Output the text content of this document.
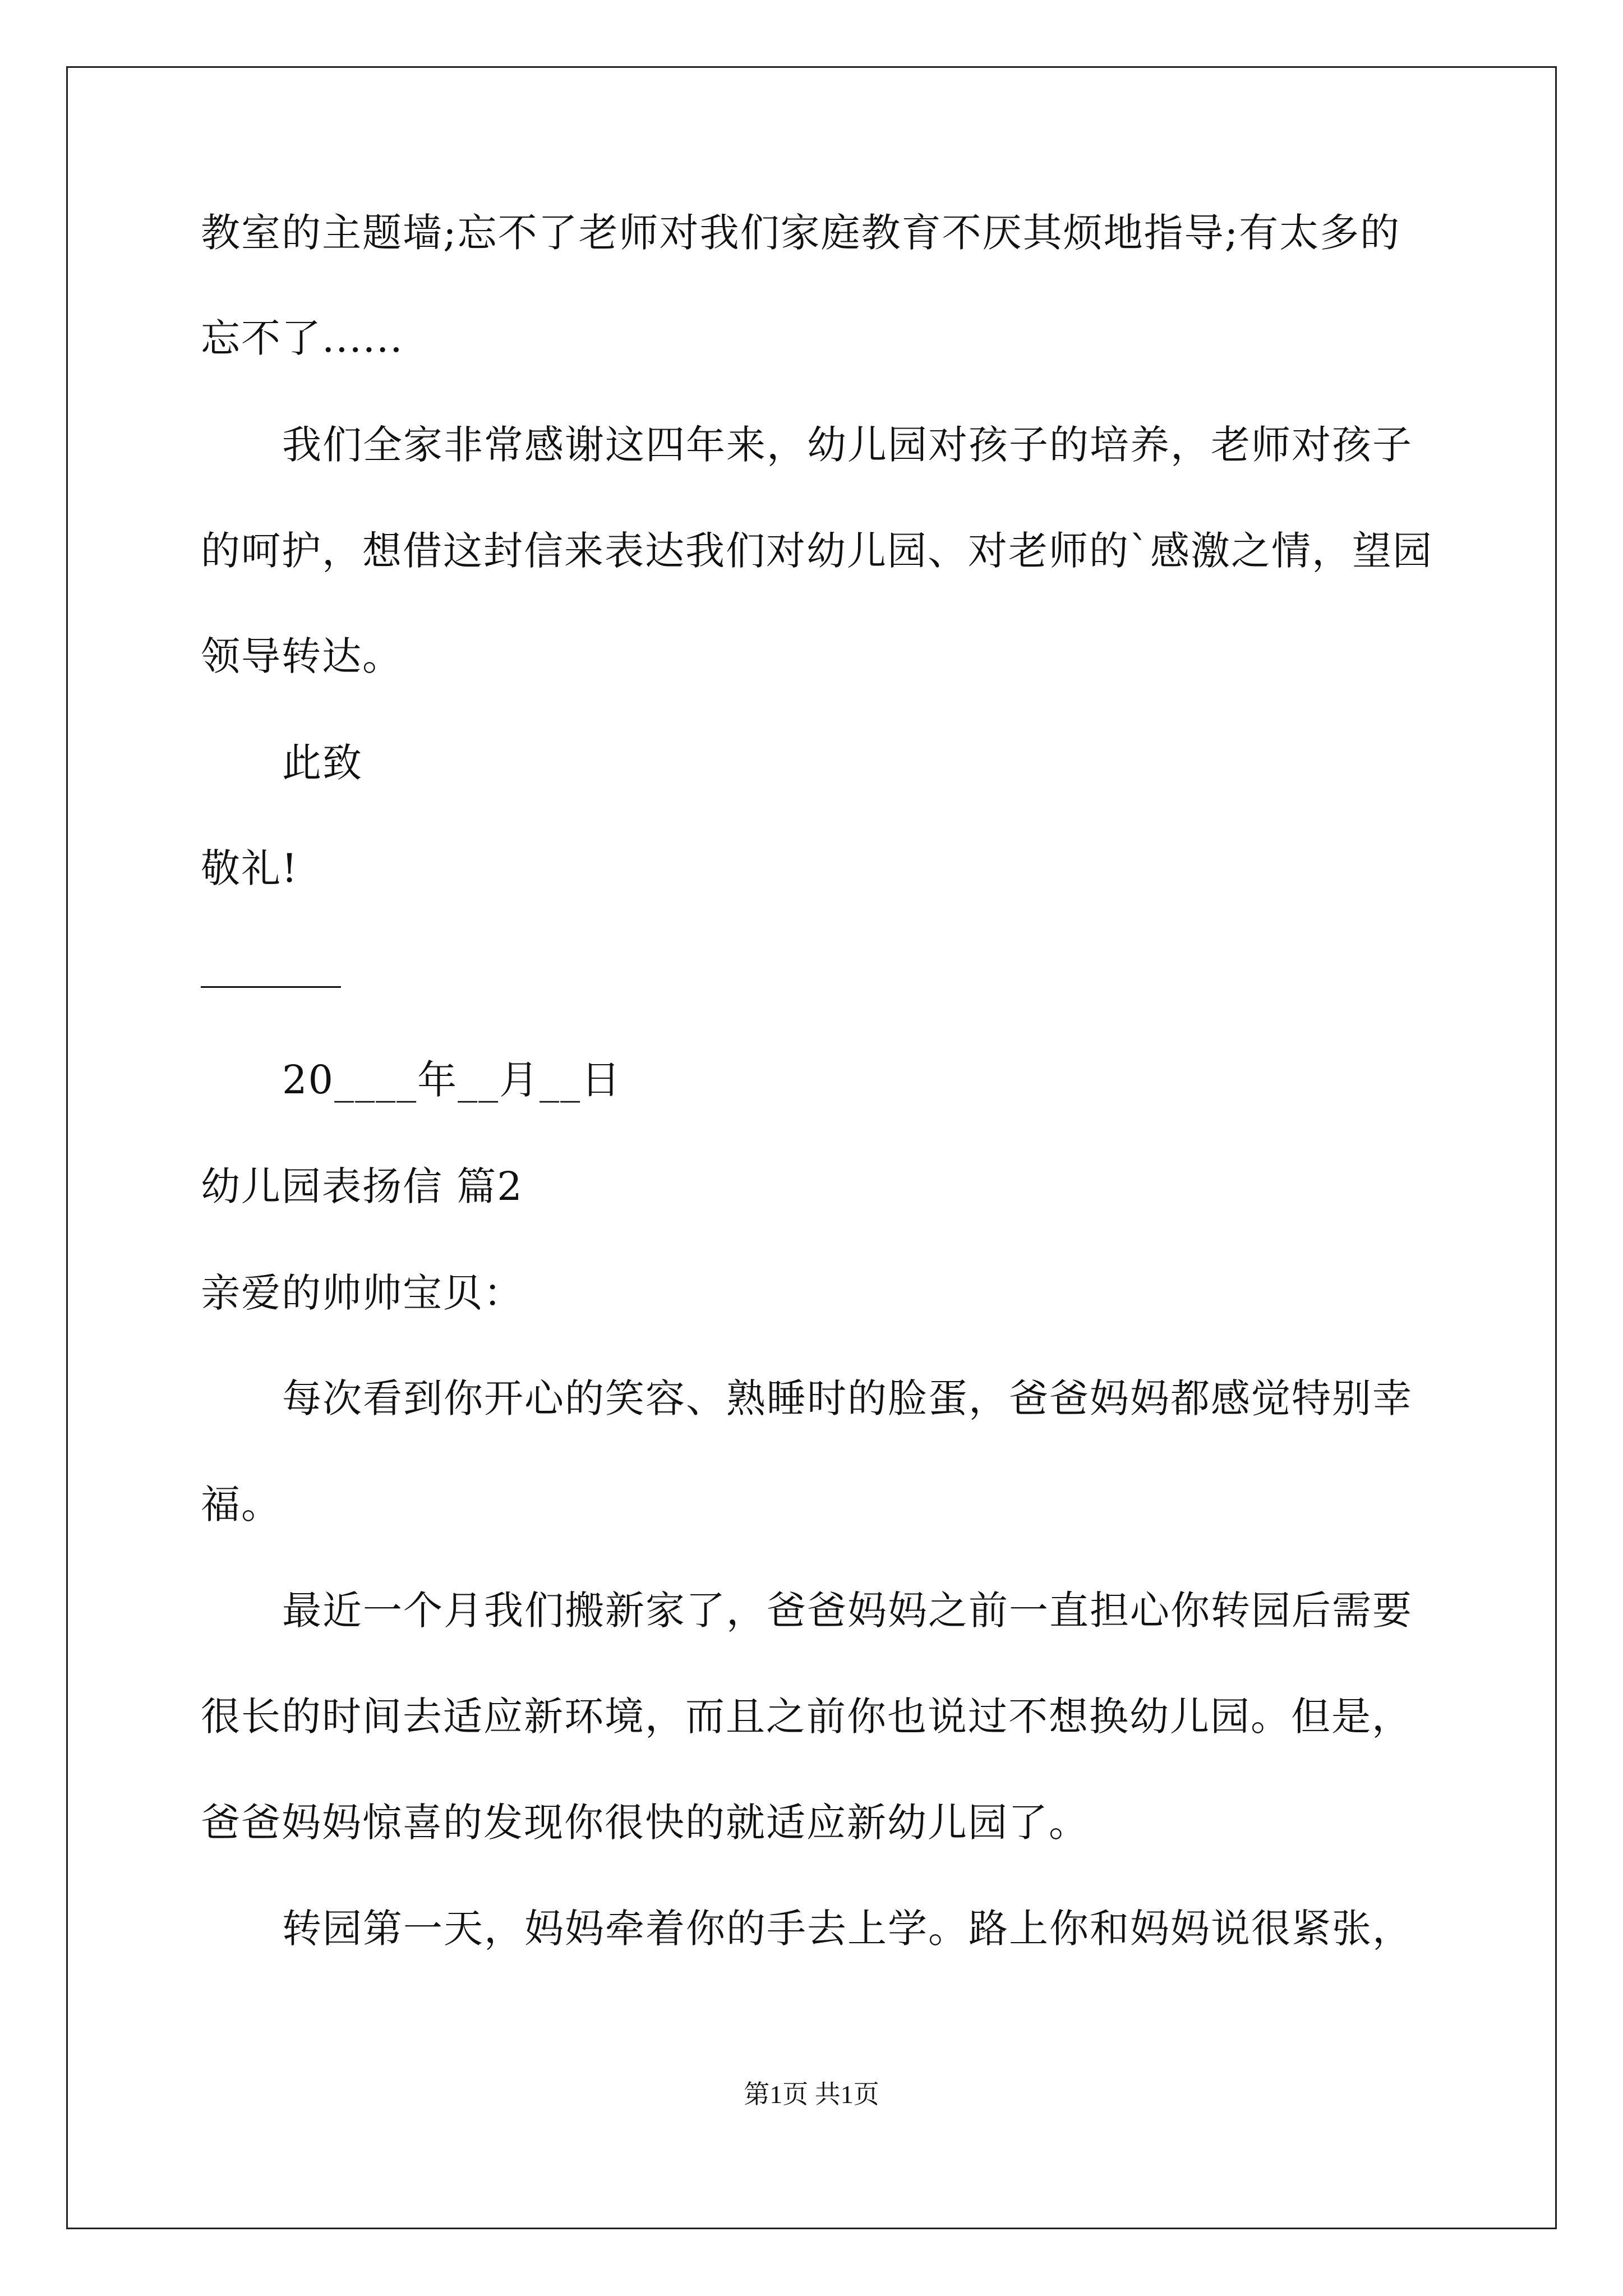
教室的主题墙;忘不了老师对我们家庭教育不厌其烦地指导;有太多的
忘不了......
我们全家非常感谢这四年来，幼儿园对孩子的培养，老师对孩子
的呵护，想借这封信来表达我们对幼儿园、对老师的`感激之情，望园
领导转达。
此致
敬礼!
20____年__月__日
幼儿园表扬信 篇2
亲爱的帅帅宝贝：
每次看到你开心的笑容、熟睡时的脸蛋，爸爸妈妈都感觉特别幸
福。
最近一个月我们搬新家了，爸爸妈妈之前一直担心你转园后需要
很长的时间去适应新环境，而且之前你也说过不想换幼儿园。但是，
爸爸妈妈惊喜的发现你很快的就适应新幼儿园了。
转园第一天，妈妈牵着你的手去上学。路上你和妈妈说很紧张，
第1页 共1页
